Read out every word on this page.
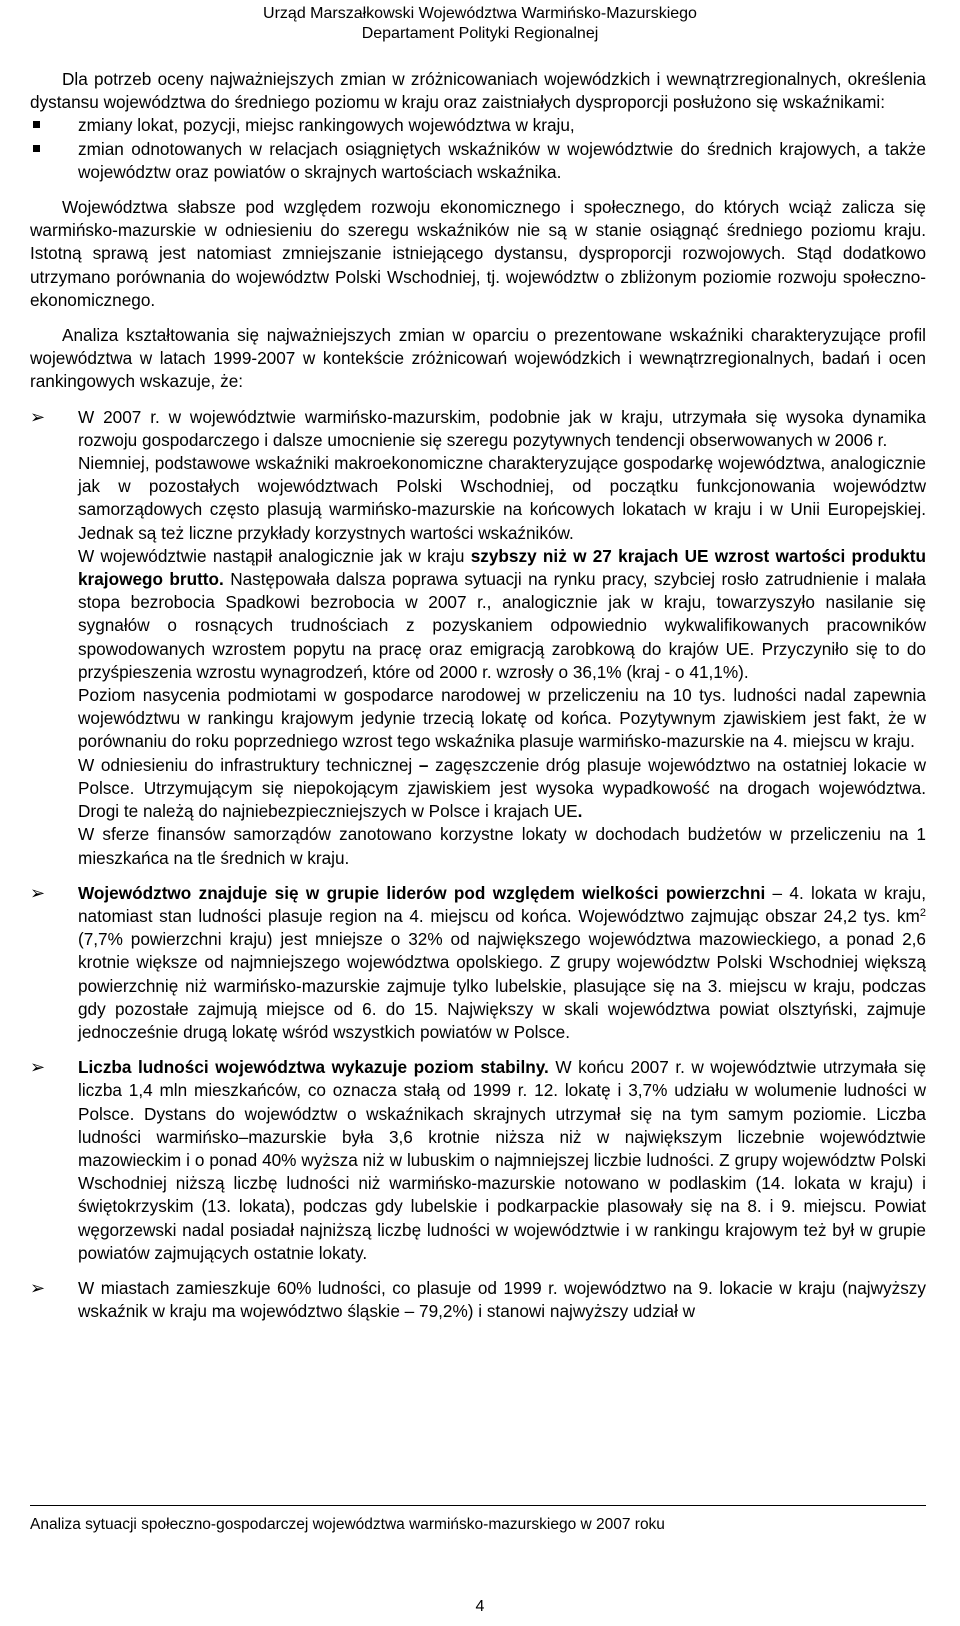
Urząd Marszałkowski Województwa Warmińsko-Mazurskiego
Departament Polityki Regionalnej

Dla potrzeb oceny najważniejszych zmian w zróżnicowaniach wojewódzkich i wewnątrzregionalnych, określenia dystansu województwa do średniego poziomu w kraju oraz zaistniałych dysproporcji posłużono się wskaźnikami:

zmiany lokat, pozycji, miejsc rankingowych województwa w kraju,
zmian odnotowanych w relacjach osiągniętych wskaźników w województwie do średnich krajowych, a także województw oraz powiatów o skrajnych wartościach wskaźnika.

Województwa słabsze pod względem rozwoju ekonomicznego i społecznego, do których wciąż zalicza się warmińsko-mazurskie w odniesieniu do szeregu wskaźników nie są w stanie osiągnąć średniego poziomu kraju. Istotną sprawą jest natomiast zmniejszanie istniejącego dystansu, dysproporcji rozwojowych. Stąd dodatkowo utrzymano porównania do województw Polski Wschodniej, tj. województw o zbliżonym poziomie rozwoju społeczno-ekonomicznego.

Analiza kształtowania się najważniejszych zmian w oparciu o prezentowane wskaźniki charakteryzujące profil województwa w latach 1999-2007 w kontekście zróżnicowań wojewódzkich i wewnątrzregionalnych, badań i ocen rankingowych wskazuje, że:

➢ W 2007 r. w województwie warmińsko-mazurskim, podobnie jak w kraju, utrzymała się wysoka dynamika rozwoju gospodarczego i dalsze umocnienie się szeregu pozytywnych tendencji obserwowanych w 2006 r.

Niemniej, podstawowe wskaźniki makroekonomiczne charakteryzujące gospodarkę województwa, analogicznie jak w pozostałych województwach Polski Wschodniej, od początku funkcjonowania województw samorządowych często plasują warmińsko-mazurskie na końcowych lokatach w kraju i w Unii Europejskiej. Jednak są też liczne przykłady korzystnych wartości wskaźników.

W województwie nastąpił analogicznie jak w kraju szybszy niż w 27 krajach UE wzrost wartości produktu krajowego brutto. Następowała dalsza poprawa sytuacji na rynku pracy, szybciej rosło zatrudnienie i malała stopa bezrobocia Spadkowi bezrobocia w 2007 r., analogicznie jak w kraju, towarzyszyło nasilanie się sygnałów o rosnących trudnościach z pozyskaniem odpowiednio wykwalifikowanych pracowników spowodowanych wzrostem popytu na pracę oraz emigracją zarobkową do krajów UE. Przyczyniło się to do przyśpieszenia wzrostu wynagrodzeń, które od 2000 r. wzrosły o 36,1% (kraj - o 41,1%).

Poziom nasycenia podmiotami w gospodarce narodowej w przeliczeniu na 10 tys. ludności nadal zapewnia województwu w rankingu krajowym jedynie trzecią lokatę od końca. Pozytywnym zjawiskiem jest fakt, że w porównaniu do roku poprzedniego wzrost tego wskaźnika plasuje warmińsko-mazurskie na 4. miejscu w kraju.

W odniesieniu do infrastruktury technicznej – zagęszczenie dróg plasuje województwo na ostatniej lokacie w Polsce. Utrzymującym się niepokojącym zjawiskiem jest wysoka wypadkowość na drogach województwa. Drogi te należą do najniebezpieczniejszych w Polsce i krajach UE.

W sferze finansów samorządów zanotowano korzystne lokaty w dochodach budżetów w przeliczeniu na 1 mieszkańca na tle średnich w kraju.

➢ Województwo znajduje się w grupie liderów pod względem wielkości powierzchni – 4. lokata w kraju, natomiast stan ludności plasuje region na 4. miejscu od końca. Województwo zajmując obszar 24,2 tys. $km^2$ (7,7% powierzchni kraju) jest mniejsze o 32% od największego województwa mazowieckiego, a ponad 2,6 krotnie większe od najmniejszego województwa opolskiego. Z grupy województw Polski Wschodniej większą powierzchnię niż warmińsko-mazurskie zajmuje tylko lubelskie, plasujące się na 3. miejscu w kraju, podczas gdy pozostałe zajmują miejsce od 6. do 15. Największy w skali województwa powiat olsztyński, zajmuje jednocześnie drugą lokatę wśród wszystkich powiatów w Polsce.

➢ Liczba ludności województwa wykazuje poziom stabilny. W końcu 2007 r. w województwie utrzymała się liczba 1,4 mln mieszkańców, co oznacza stałą od 1999 r. 12. lokatę i 3,7% udziału w wolumenie ludności w Polsce. Dystans do województw o wskaźnikach skrajnych utrzymał się na tym samym poziomie. Liczba ludności warmińsko–mazurskie była 3,6 krotnie niższa niż w największym liczebnie województwie mazowieckim i o ponad 40% wyższa niż w lubuskim o najmniejszej liczbie ludności. Z grupy województw Polski Wschodniej niższą liczbę ludności niż warmińsko-mazurskie notowano w podlaskim (14. lokata w kraju) i świętokrzyskim (13. lokata), podczas gdy lubelskie i podkarpackie plasowały się na 8. i 9. miejscu. Powiat węgorzewski nadal posiadał najniższą liczbę ludności w województwie i w rankingu krajowym też był w grupie powiatów zajmujących ostatnie lokaty.

➢ W miastach zamieszkuje 60% ludności, co plasuje od 1999 r. województwo na 9. lokacie w kraju (najwyższy wskaźnik w kraju ma województwo śląskie – 79,2%) i stanowi najwyższy udział w

Analiza sytuacji społeczno-gospodarczej województwa warmińsko-mazurskiego w 2007 roku
4
